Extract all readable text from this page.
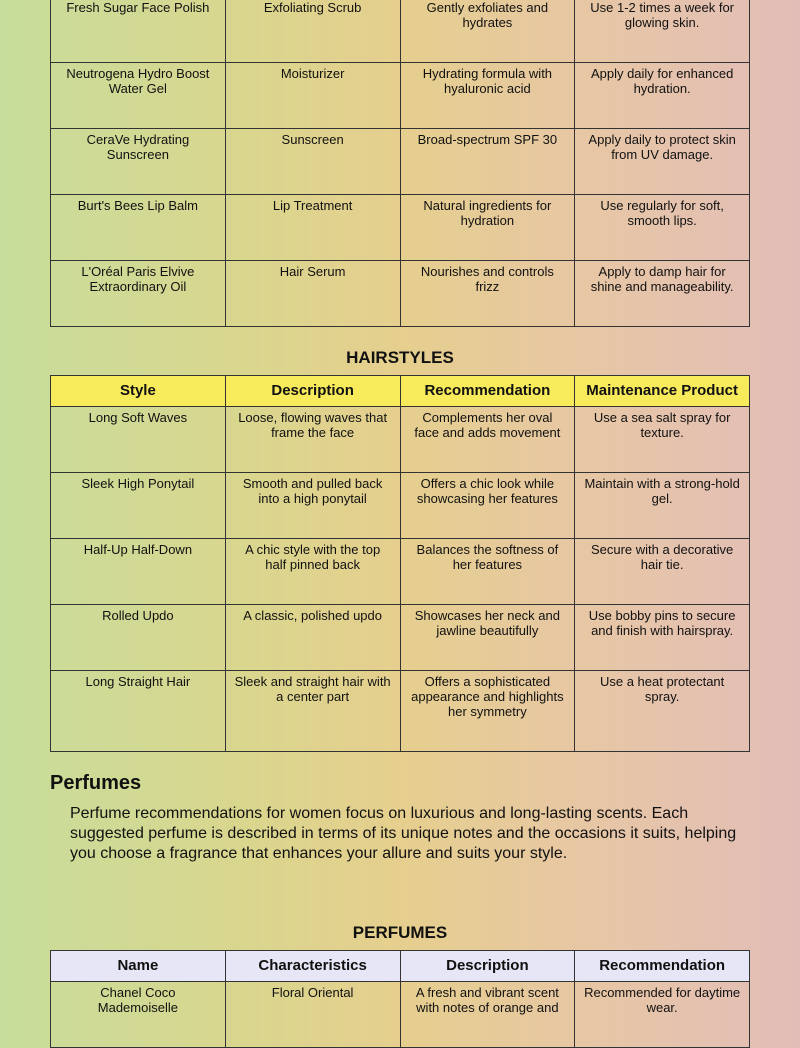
Fresh Sugar Face Polish	Exfoliating Scrub	Gently exfoliates and hydrates	Use 1-2 times a week for glowing skin.
Neutrogena Hydro Boost Water Gel	Moisturizer	Hydrating formula with hyaluronic acid	Apply daily for enhanced hydration.
CeraVe Hydrating Sunscreen	Sunscreen	Broad-spectrum SPF 30	Apply daily to protect skin from UV damage.
Burt's Bees Lip Balm	Lip Treatment	Natural ingredients for hydration	Use regularly for soft, smooth lips.
L'Oréal Paris Elvive Extraordinary Oil	Hair Serum	Nourishes and controls frizz	Apply to damp hair for shine and manageability.
HAIRSTYLES
Style	Description	Recommendation	Maintenance Product
Long Soft Waves	Loose, flowing waves that frame the face	Complements her oval face and adds movement	Use a sea salt spray for texture.
Sleek High Ponytail	Smooth and pulled back into a high ponytail	Offers a chic look while showcasing her features	Maintain with a strong-hold gel.
Half-Up Half-Down	A chic style with the top half pinned back	Balances the softness of her features	Secure with a decorative hair tie.
Rolled Updo	A classic, polished updo	Showcases her neck and jawline beautifully	Use bobby pins to secure and finish with hairspray.
Long Straight Hair	Sleek and straight hair with a center part	Offers a sophisticated appearance and highlights her symmetry	Use a heat protectant spray.
Perfumes
Perfume recommendations for women focus on luxurious and long-lasting scents. Each suggested perfume is described in terms of its unique notes and the occasions it suits, helping you choose a fragrance that enhances your allure and suits your style.
PERFUMES
Name	Characteristics	Description	Recommendation
Chanel Coco Mademoiselle	Floral Oriental	A fresh and vibrant scent with notes of orange and	Recommended for daytime wear.
